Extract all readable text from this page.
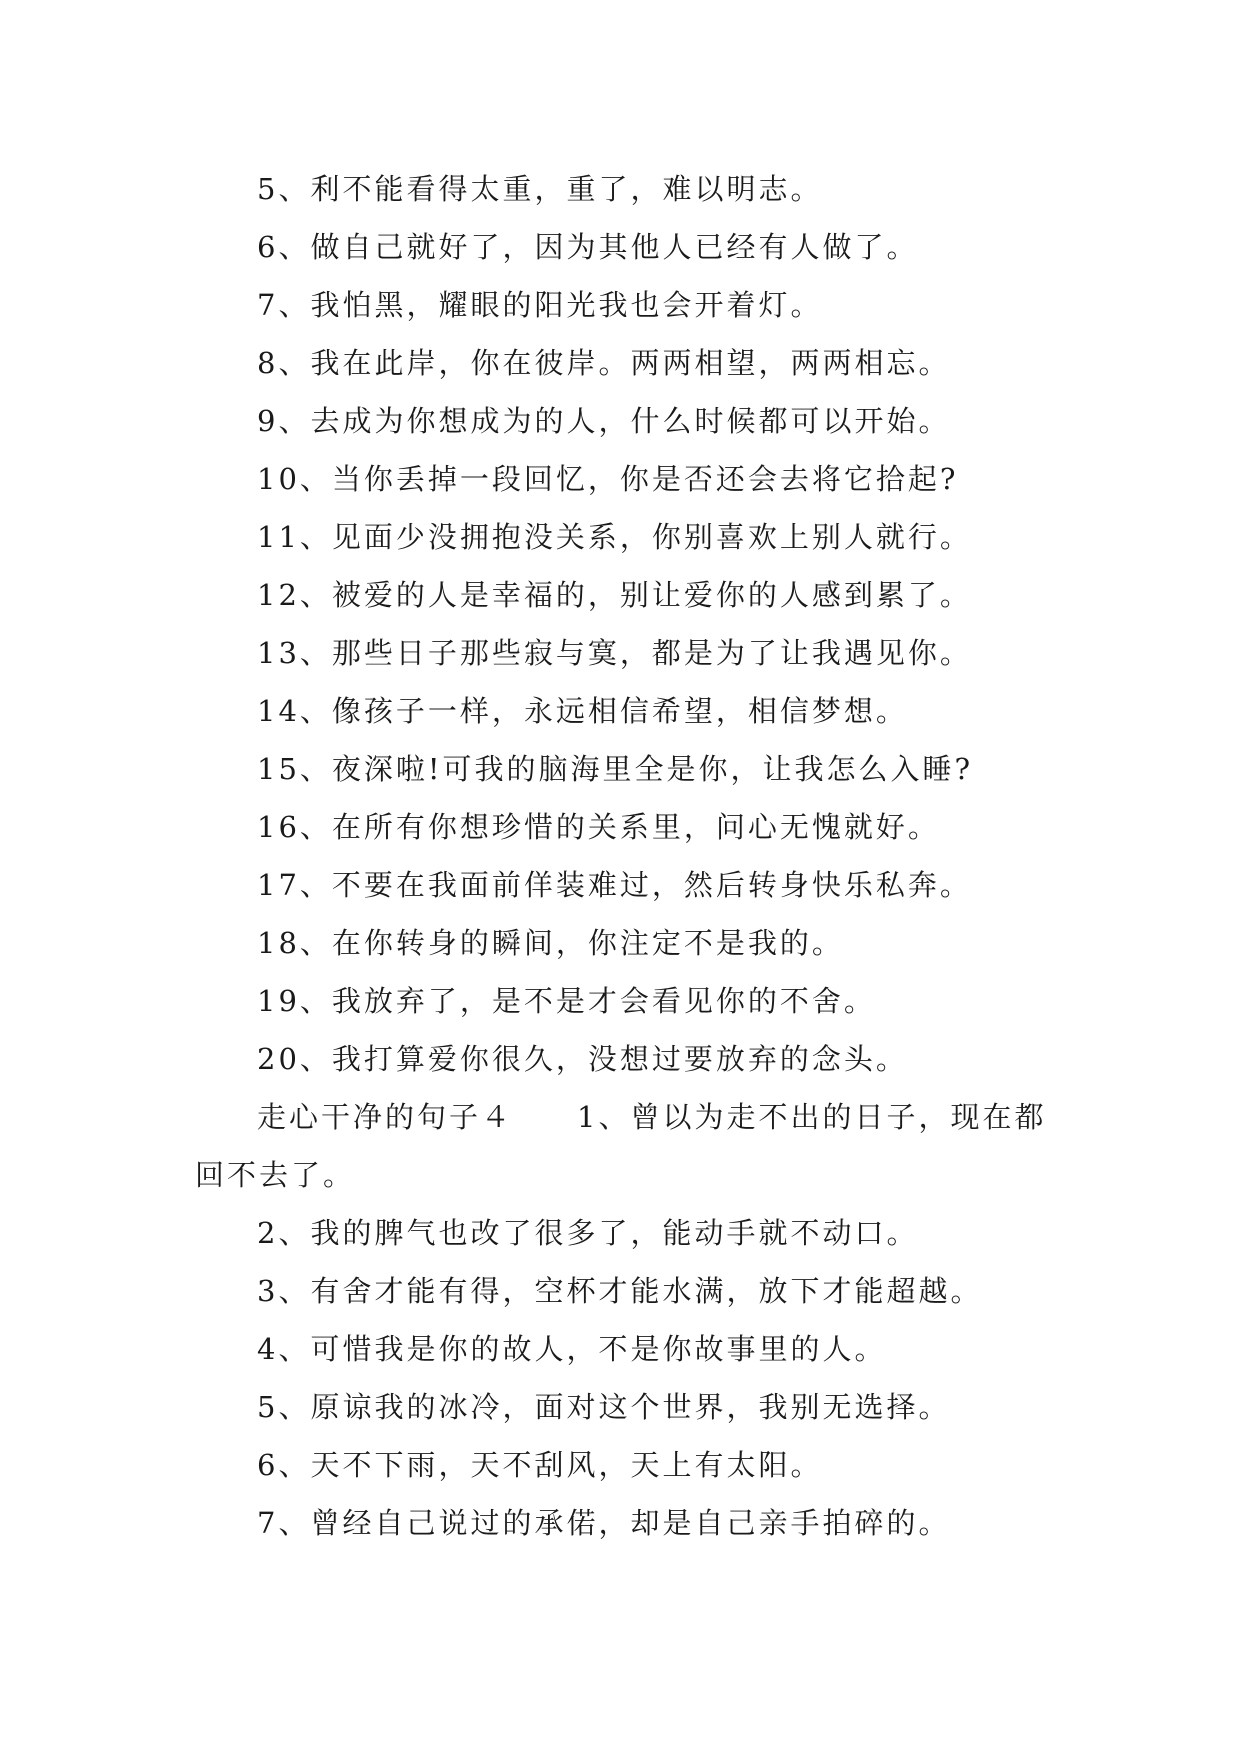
5、利不能看得太重，重了，难以明志。

6、做自己就好了，因为其他人已经有人做了。

7、我怕黑，耀眼的阳光我也会开着灯。

8、我在此岸，你在彼岸。两两相望，两两相忘。

9、去成为你想成为的人，什么时候都可以开始。

10、当你丢掉一段回忆，你是否还会去将它拾起?

11、见面少没拥抱没关系，你别喜欢上别人就行。

12、被爱的人是幸福的，别让爱你的人感到累了。

13、那些日子那些寂与寞，都是为了让我遇见你。

14、像孩子一样，永远相信希望，相信梦想。

15、夜深啦!可我的脑海里全是你，让我怎么入睡?

16、在所有你想珍惜的关系里，问心无愧就好。

17、不要在我面前佯装难过，然后转身快乐私奔。

18、在你转身的瞬间，你注定不是我的。

19、我放弃了，是不是才会看见你的不舍。

20、我打算爱你很久，没想过要放弃的念头。

走心干净的句子４　　1、曾以为走不出的日子，现在都回不去了。

2、我的脾气也改了很多了，能动手就不动口。

3、有舍才能有得，空杯才能水满，放下才能超越。

4、可惜我是你的故人，不是你故事里的人。

5、原谅我的冰冷，面对这个世界，我别无选择。

6、天不下雨，天不刮风，天上有太阳。

7、曾经自己说过的承偌，却是自己亲手拍碎的。
